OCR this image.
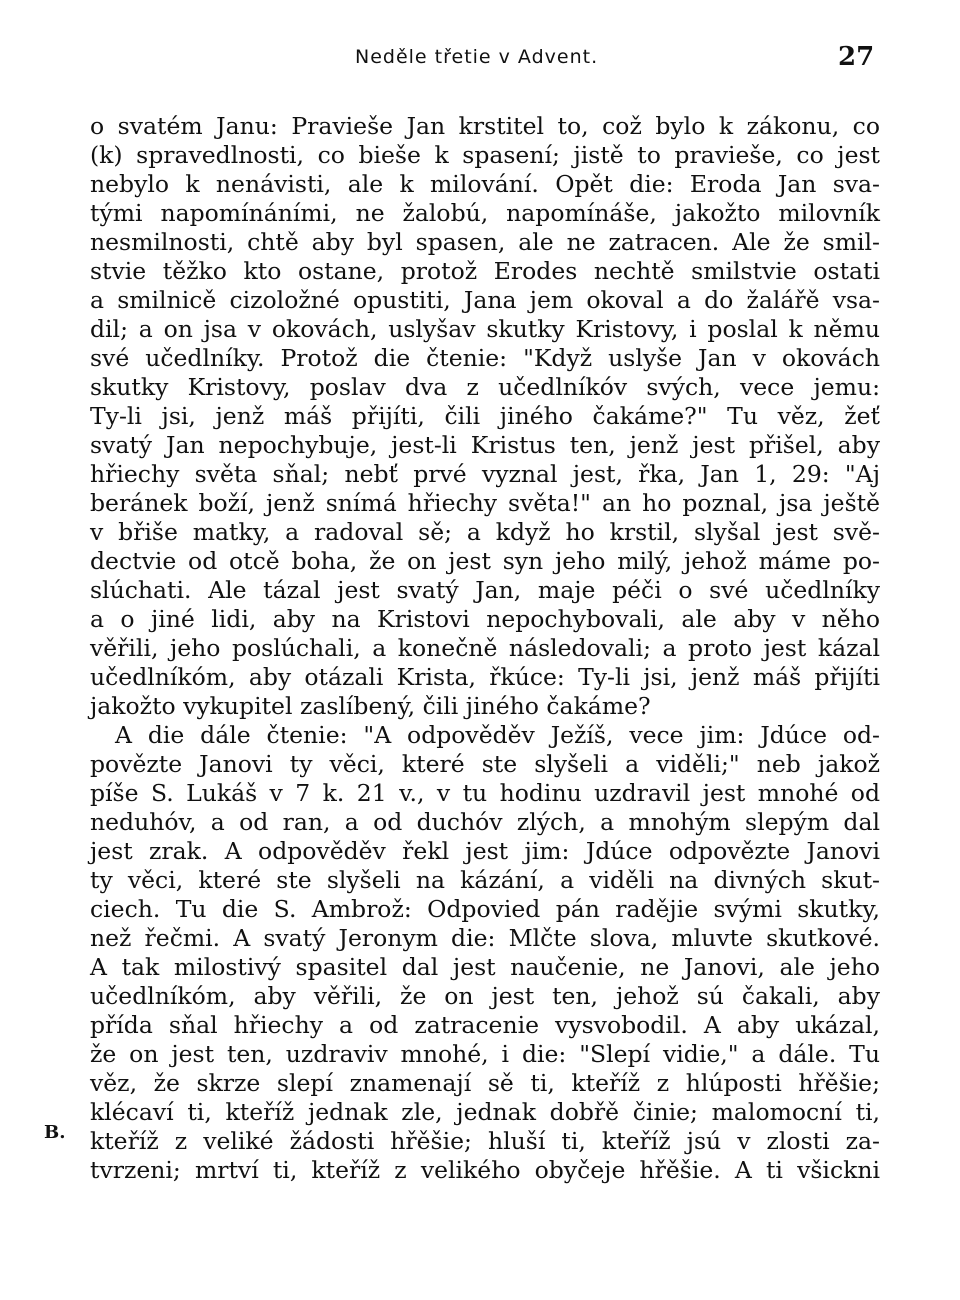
Neděle třetie v Advent.	27
B.
o svatém Janu: Pravieše Jan krstitel to, což bylo k zákonu, co
(k) spravedlnosti, co bieše k spasení; jistě to pravieše, co jest
nebylo k nenávisti, ale k milování. Opět die: Eroda Jan sva-
tými napomínáními, ne žalobú, napomínáše, jakožto milovník
nesmilnosti, chtě aby byl spasen, ale ne zatracen. Ale že smil-
stvie těžko kto ostane, protož Erodes nechtě smilstvie ostati
a smilnicě cizoložné opustiti, Jana jem okoval a do žalářě vsa-
dil; a on jsa v okovách, uslyšav skutky Kristovy, i poslal k němu
své učedlníky. Protož die čtenie: "Když uslyše Jan v okovách
skutky Kristovy, poslav dva z učedlníkóv svých, vece jemu:
Ty-li jsi, jenž máš přijíti, čili jiného čakáme?" Tu věz, žeť
svatý Jan nepochybuje, jest-li Kristus ten, jenž jest přišel, aby
hřiechy světa sňal; nebť prvé vyznal jest, řka, Jan 1, 29: "Aj
beránek boží, jenž snímá hřiechy světa!" an ho poznal, jsa ještě
v břiše matky, a radoval sě; a když ho krstil, slyšal jest svě-
dectvie od otcě boha, že on jest syn jeho milý, jehož máme po-
slúchati. Ale tázal jest svatý Jan, maje péči o své učedlníky
a o jiné lidi, aby na Kristovi nepochybovali, ale aby v něho
věřili, jeho poslúchali, a konečně následovali; a proto jest kázal
učedlníkóm, aby otázali Krista, řkúce: Ty-li jsi, jenž máš přijíti
jakožto vykupitel zaslíbený, čili jiného čakáme?
A die dále čtenie: "A odpověděv Ježíš, vece jim: Jdúce od-
povězte Janovi ty věci, které ste slyšeli a viděli;" neb jakož
píše S. Lukáš v 7 k. 21 v., v tu hodinu uzdravil jest mnohé od
neduhóv, a od ran, a od duchóv zlých, a mnohým slepým dal
jest zrak. A odpověděv řekl jest jim: Jdúce odpovězte Janovi
ty věci, které ste slyšeli na kázání, a viděli na divných skut-
ciech. Tu die S. Ambrož: Odpovied pán radějie svými skutky,
než řečmi. A svatý Jeronym die: Mlčte slova, mluvte skutkové.
A tak milostivý spasitel dal jest naučenie, ne Janovi, ale jeho
učedlníkóm, aby věřili, že on jest ten, jehož sú čakali, aby
přída sňal hřiechy a od zatracenie vysvobodil. A aby ukázal,
že on jest ten, uzdraviv mnohé, i die: "Slepí vidie," a dále. Tu
věz, že skrze slepí znamenají sě ti, kteříž z hlúposti hřěšie;
klécaví ti, kteříž jednak zle, jednak dobřě činie; malomocní ti,
kteříž z veliké žádosti hřěšie; hluší ti, kteříž jsú v zlosti za-
tvrzeni; mrtví ti, kteříž z velikého obyčeje hřěšie. A ti všickni
